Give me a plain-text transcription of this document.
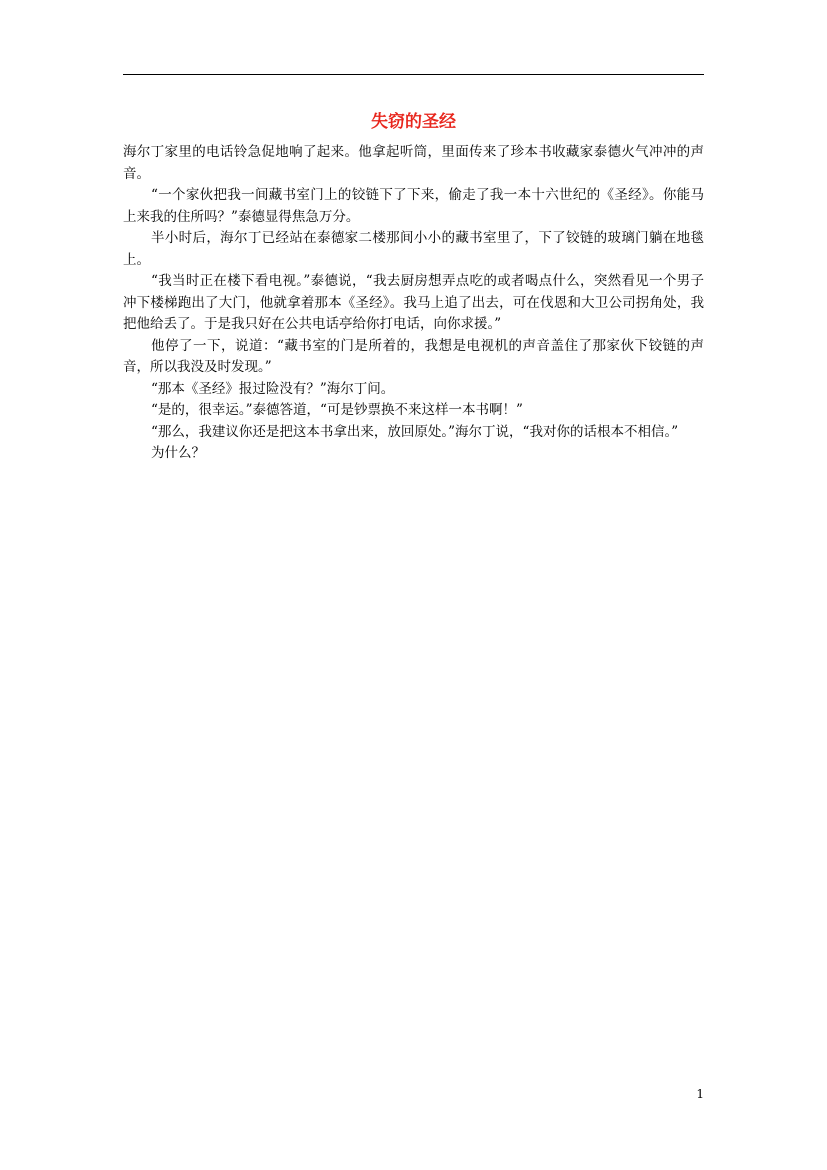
失窃的圣经

海尔丁家里的电话铃急促地响了起来。他拿起听筒，里面传来了珍本书收藏家泰德火气冲冲的声音。

“一个家伙把我一间藏书室门上的铰链下了下来，偷走了我一本十六世纪的《圣经》。你能马上来我的住所吗？”泰德显得焦急万分。

半小时后，海尔丁已经站在泰德家二楼那间小小的藏书室里了，下了铰链的玻璃门躺在地毯上。

“我当时正在楼下看电视。”泰德说，“我去厨房想弄点吃的或者喝点什么，突然看见一个男子冲下楼梯跑出了大门，他就拿着那本《圣经》。我马上追了出去，可在伐恩和大卫公司拐角处，我把他给丢了。于是我只好在公共电话亭给你打电话，向你求援。”

他停了一下，说道：“藏书室的门是所着的，我想是电视机的声音盖住了那家伙下铰链的声音，所以我没及时发现。”

“那本《圣经》报过险没有？”海尔丁问。

“是的，很幸运。”泰德答道，“可是钞票换不来这样一本书啊！”

“那么，我建议你还是把这本书拿出来，放回原处。”海尔丁说，“我对你的话根本不相信。”

为什么？

1
